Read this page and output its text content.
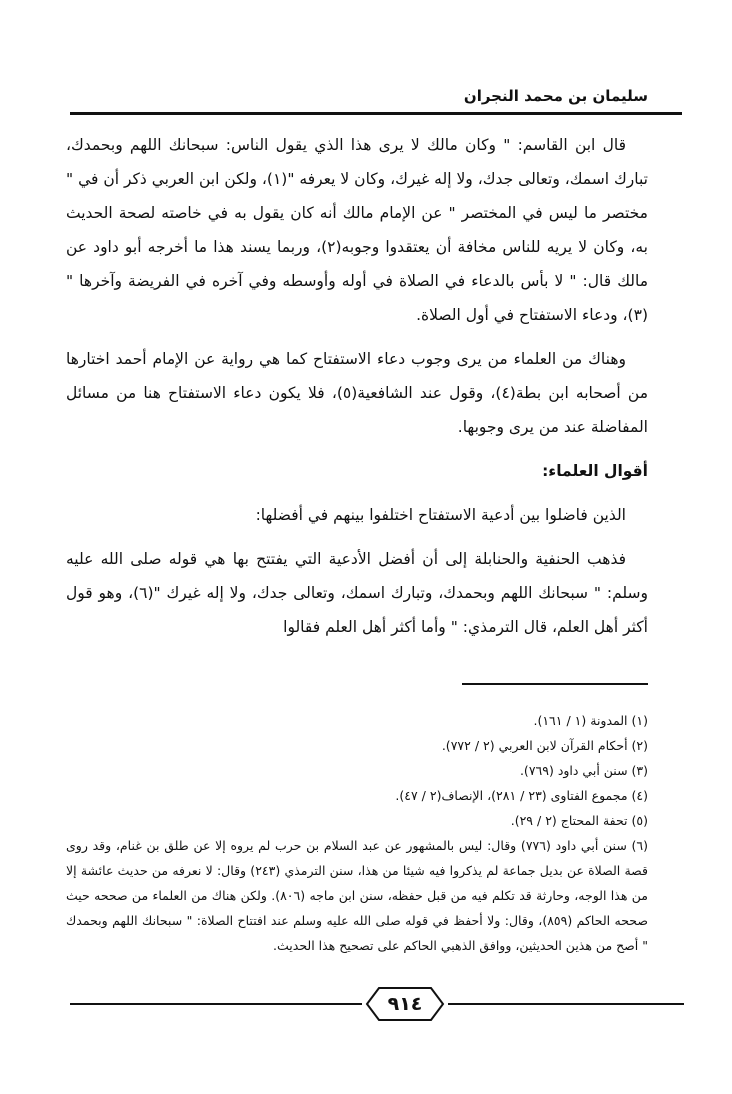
سليمان بن محمد النجران

قال ابن القاسم: " وكان مالك لا يرى هذا الذي يقول الناس: سبحانك اللهم وبحمدك، تبارك اسمك، وتعالى جدك، ولا إله غيرك، وكان لا يعرفه "(١)، ولكن ابن العربي ذكر أن في " مختصر ما ليس في المختصر " عن الإمام مالك أنه كان يقول به في خاصته لصحة الحديث به، وكان لا يريه للناس مخافة أن يعتقدوا وجوبه(٢)، وربما يسند هذا ما أخرجه أبو داود عن مالك قال: " لا بأس بالدعاء في الصلاة في أوله وأوسطه وفي آخره في الفريضة وآخرها "(٣)، ودعاء الاستفتاح في أول الصلاة.

وهناك من العلماء من يرى وجوب دعاء الاستفتاح كما هي رواية عن الإمام أحمد اختارها من أصحابه ابن بطة(٤)، وقول عند الشافعية(٥)، فلا يكون دعاء الاستفتاح هنا من مسائل المفاضلة عند من يرى وجوبها.

أقوال العلماء:

الذين فاضلوا بين أدعية الاستفتاح اختلفوا بينهم في أفضلها:

فذهب الحنفية والحنابلة إلى أن أفضل الأدعية التي يفتتح بها هي قوله صلى الله عليه وسلم: " سبحانك اللهم وبحمدك، وتبارك اسمك، وتعالى جدك، ولا إله غيرك "(٦)، وهو قول أكثر أهل العلم، قال الترمذي: " وأما أكثر أهل العلم فقالوا

(١) المدونة (١ / ١٦١).

(٢) أحكام القرآن لابن العربي (٢ / ٧٧٢).

(٣) سنن أبي داود (٧٦٩).

(٤) مجموع الفتاوى (٢٣ / ٢٨١)، الإنصاف(٢ / ٤٧).

(٥) تحفة المحتاج (٢ / ٢٩).

(٦) سنن أبي داود (٧٧٦) وقال: ليس بالمشهور عن عبد السلام بن حرب لم يروه إلا عن طلق بن غنام، وقد روى قصة الصلاة عن بديل جماعة لم يذكروا فيه شيئا من هذا، سنن الترمذي (٢٤٣) وقال: لا نعرفه من حديث عائشة إلا من هذا الوجه، وحارثة قد تكلم فيه من قبل حفظه، سنن ابن ماجه (٨٠٦). ولكن هناك من العلماء من صححه حيث صححه الحاكم (٨٥٩)، وقال: ولا أحفظ في قوله صلى الله عليه وسلم عند افتتاح الصلاة: " سبحانك اللهم وبحمدك " أصح من هذين الحديثين، ووافق الذهبي الحاكم على تصحيح هذا الحديث.

٩١٤
